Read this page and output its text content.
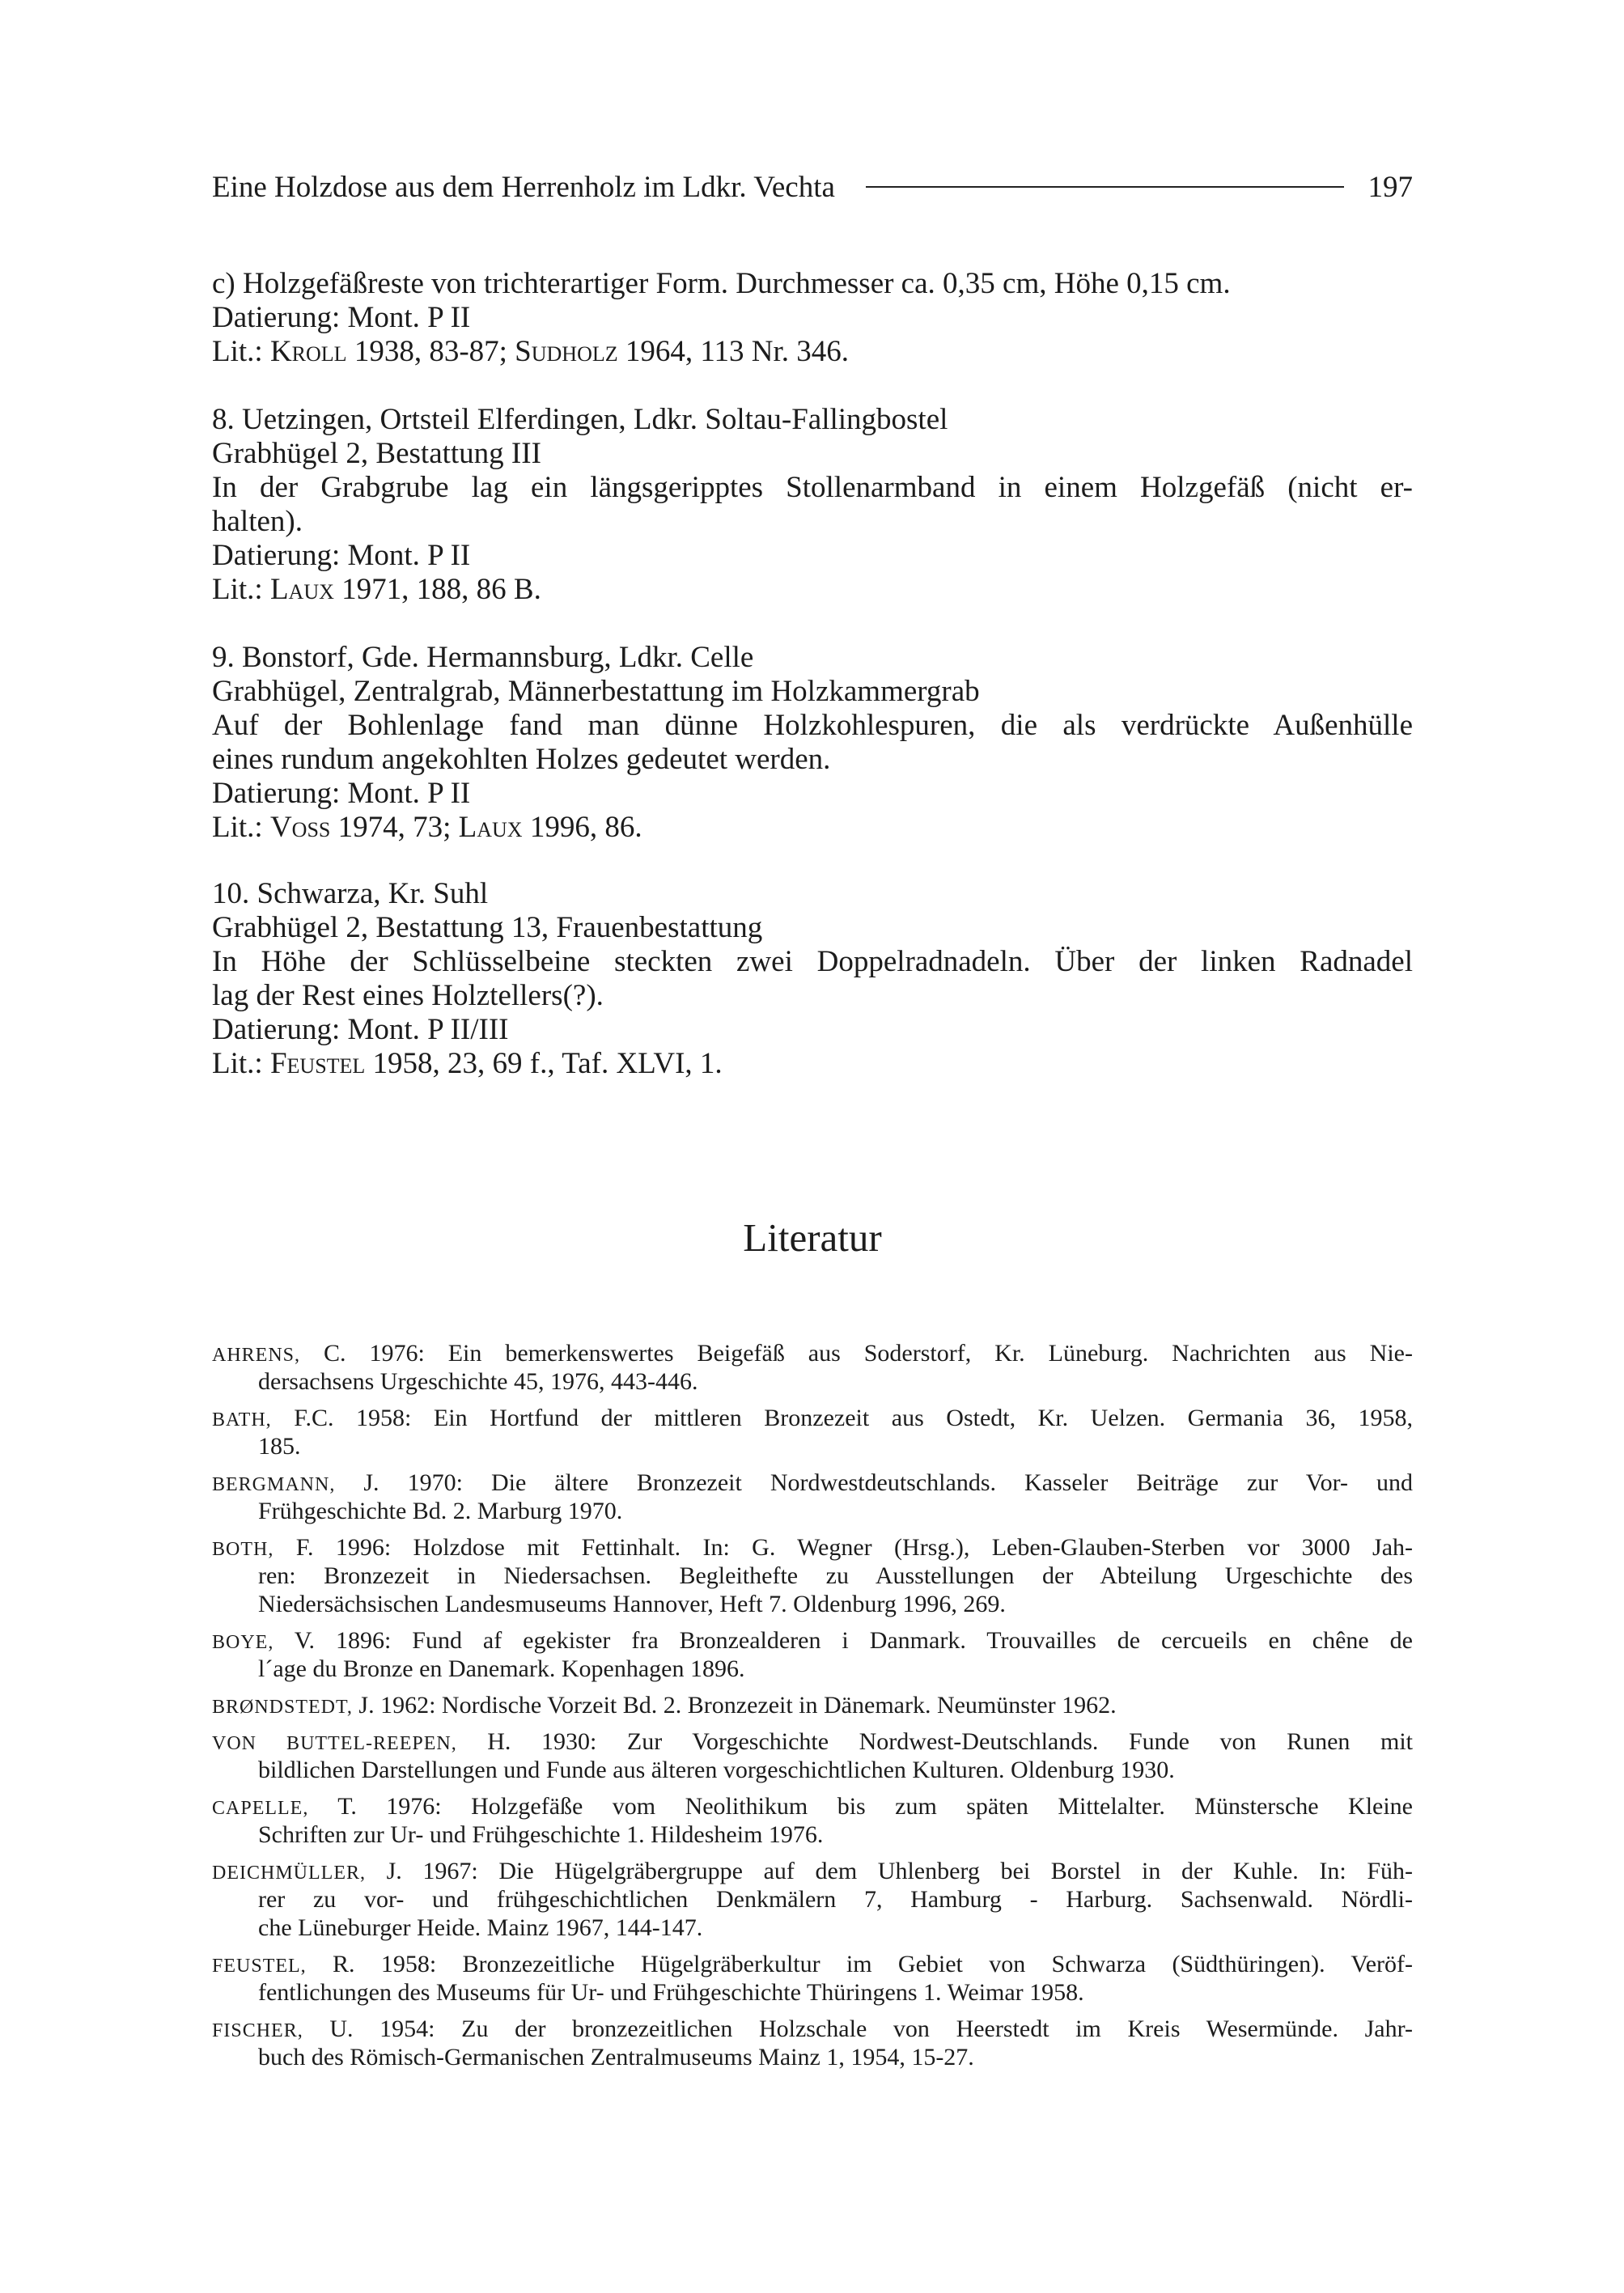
Eine Holzdose aus dem Herrenholz im Ldkr. Vechta	197
c) Holzgefäßreste von trichterartiger Form. Durchmesser ca. 0,35 cm, Höhe 0,15 cm.
Datierung: Mont. P II
Lit.: Kroll 1938, 83-87; Sudholz 1964, 113 Nr. 346.
8. Uetzingen, Ortsteil Elferdingen, Ldkr. Soltau-Fallingbostel
Grabhügel 2, Bestattung III
In der Grabgrube lag ein längsgeripptes Stollenarmband in einem Holzgefäß (nicht er-
halten).
Datierung: Mont. P II
Lit.: Laux 1971, 188, 86 B.
9. Bonstorf, Gde. Hermannsburg, Ldkr. Celle
Grabhügel, Zentralgrab, Männerbestattung im Holzkammergrab
Auf der Bohlenlage fand man dünne Holzkohlespuren, die als verdrückte Außenhülle
eines rundum angekohlten Holzes gedeutet werden.
Datierung: Mont. P II
Lit.: Voss 1974, 73; Laux 1996, 86.
10. Schwarza, Kr. Suhl
Grabhügel 2, Bestattung 13, Frauenbestattung
In Höhe der Schlüsselbeine steckten zwei Doppelradnadeln. Über der linken Radnadel
lag der Rest eines Holztellers(?).
Datierung: Mont. P II/III
Lit.: Feustel 1958, 23, 69 f., Taf. XLVI, 1.
Literatur
AHRENS, C. 1976: Ein bemerkenswertes Beigefäß aus Soderstorf, Kr. Lüneburg. Nachrichten aus Nie-
dersachsens Urgeschichte 45, 1976, 443-446.
BATH, F.C. 1958: Ein Hortfund der mittleren Bronzezeit aus Ostedt, Kr. Uelzen. Germania 36, 1958,
185.
BERGMANN, J. 1970: Die ältere Bronzezeit Nordwestdeutschlands. Kasseler Beiträge zur Vor- und
Frühgeschichte Bd. 2. Marburg 1970.
BOTH, F. 1996: Holzdose mit Fettinhalt. In: G. Wegner (Hrsg.), Leben-Glauben-Sterben vor 3000 Jah-
ren: Bronzezeit in Niedersachsen. Begleithefte zu Ausstellungen der Abteilung Urgeschichte des
Niedersächsischen Landesmuseums Hannover, Heft 7. Oldenburg 1996, 269.
BOYE, V. 1896: Fund af egekister fra Bronzealderen i Danmark. Trouvailles de cercueils en chêne de
l´age du Bronze en Danemark. Kopenhagen 1896.
BRØNDSTEDT, J. 1962: Nordische Vorzeit Bd. 2. Bronzezeit in Dänemark. Neumünster 1962.
VON BUTTEL-REEPEN, H. 1930: Zur Vorgeschichte Nordwest-Deutschlands. Funde von Runen mit
bildlichen Darstellungen und Funde aus älteren vorgeschichtlichen Kulturen. Oldenburg 1930.
CAPELLE, T. 1976: Holzgefäße vom Neolithikum bis zum späten Mittelalter. Münstersche Kleine
Schriften zur Ur- und Frühgeschichte 1. Hildesheim 1976.
DEICHMÜLLER, J. 1967: Die Hügelgräbergruppe auf dem Uhlenberg bei Borstel in der Kuhle. In: Füh-
rer zu vor- und frühgeschichtlichen Denkmälern 7, Hamburg - Harburg. Sachsenwald. Nördli-
che Lüneburger Heide. Mainz 1967, 144-147.
FEUSTEL, R. 1958: Bronzezeitliche Hügelgräberkultur im Gebiet von Schwarza (Südthüringen). Veröf-
fentlichungen des Museums für Ur- und Frühgeschichte Thüringens 1. Weimar 1958.
FISCHER, U. 1954: Zu der bronzezeitlichen Holzschale von Heerstedt im Kreis Wesermünde. Jahr-
buch des Römisch-Germanischen Zentralmuseums Mainz 1, 1954, 15-27.
